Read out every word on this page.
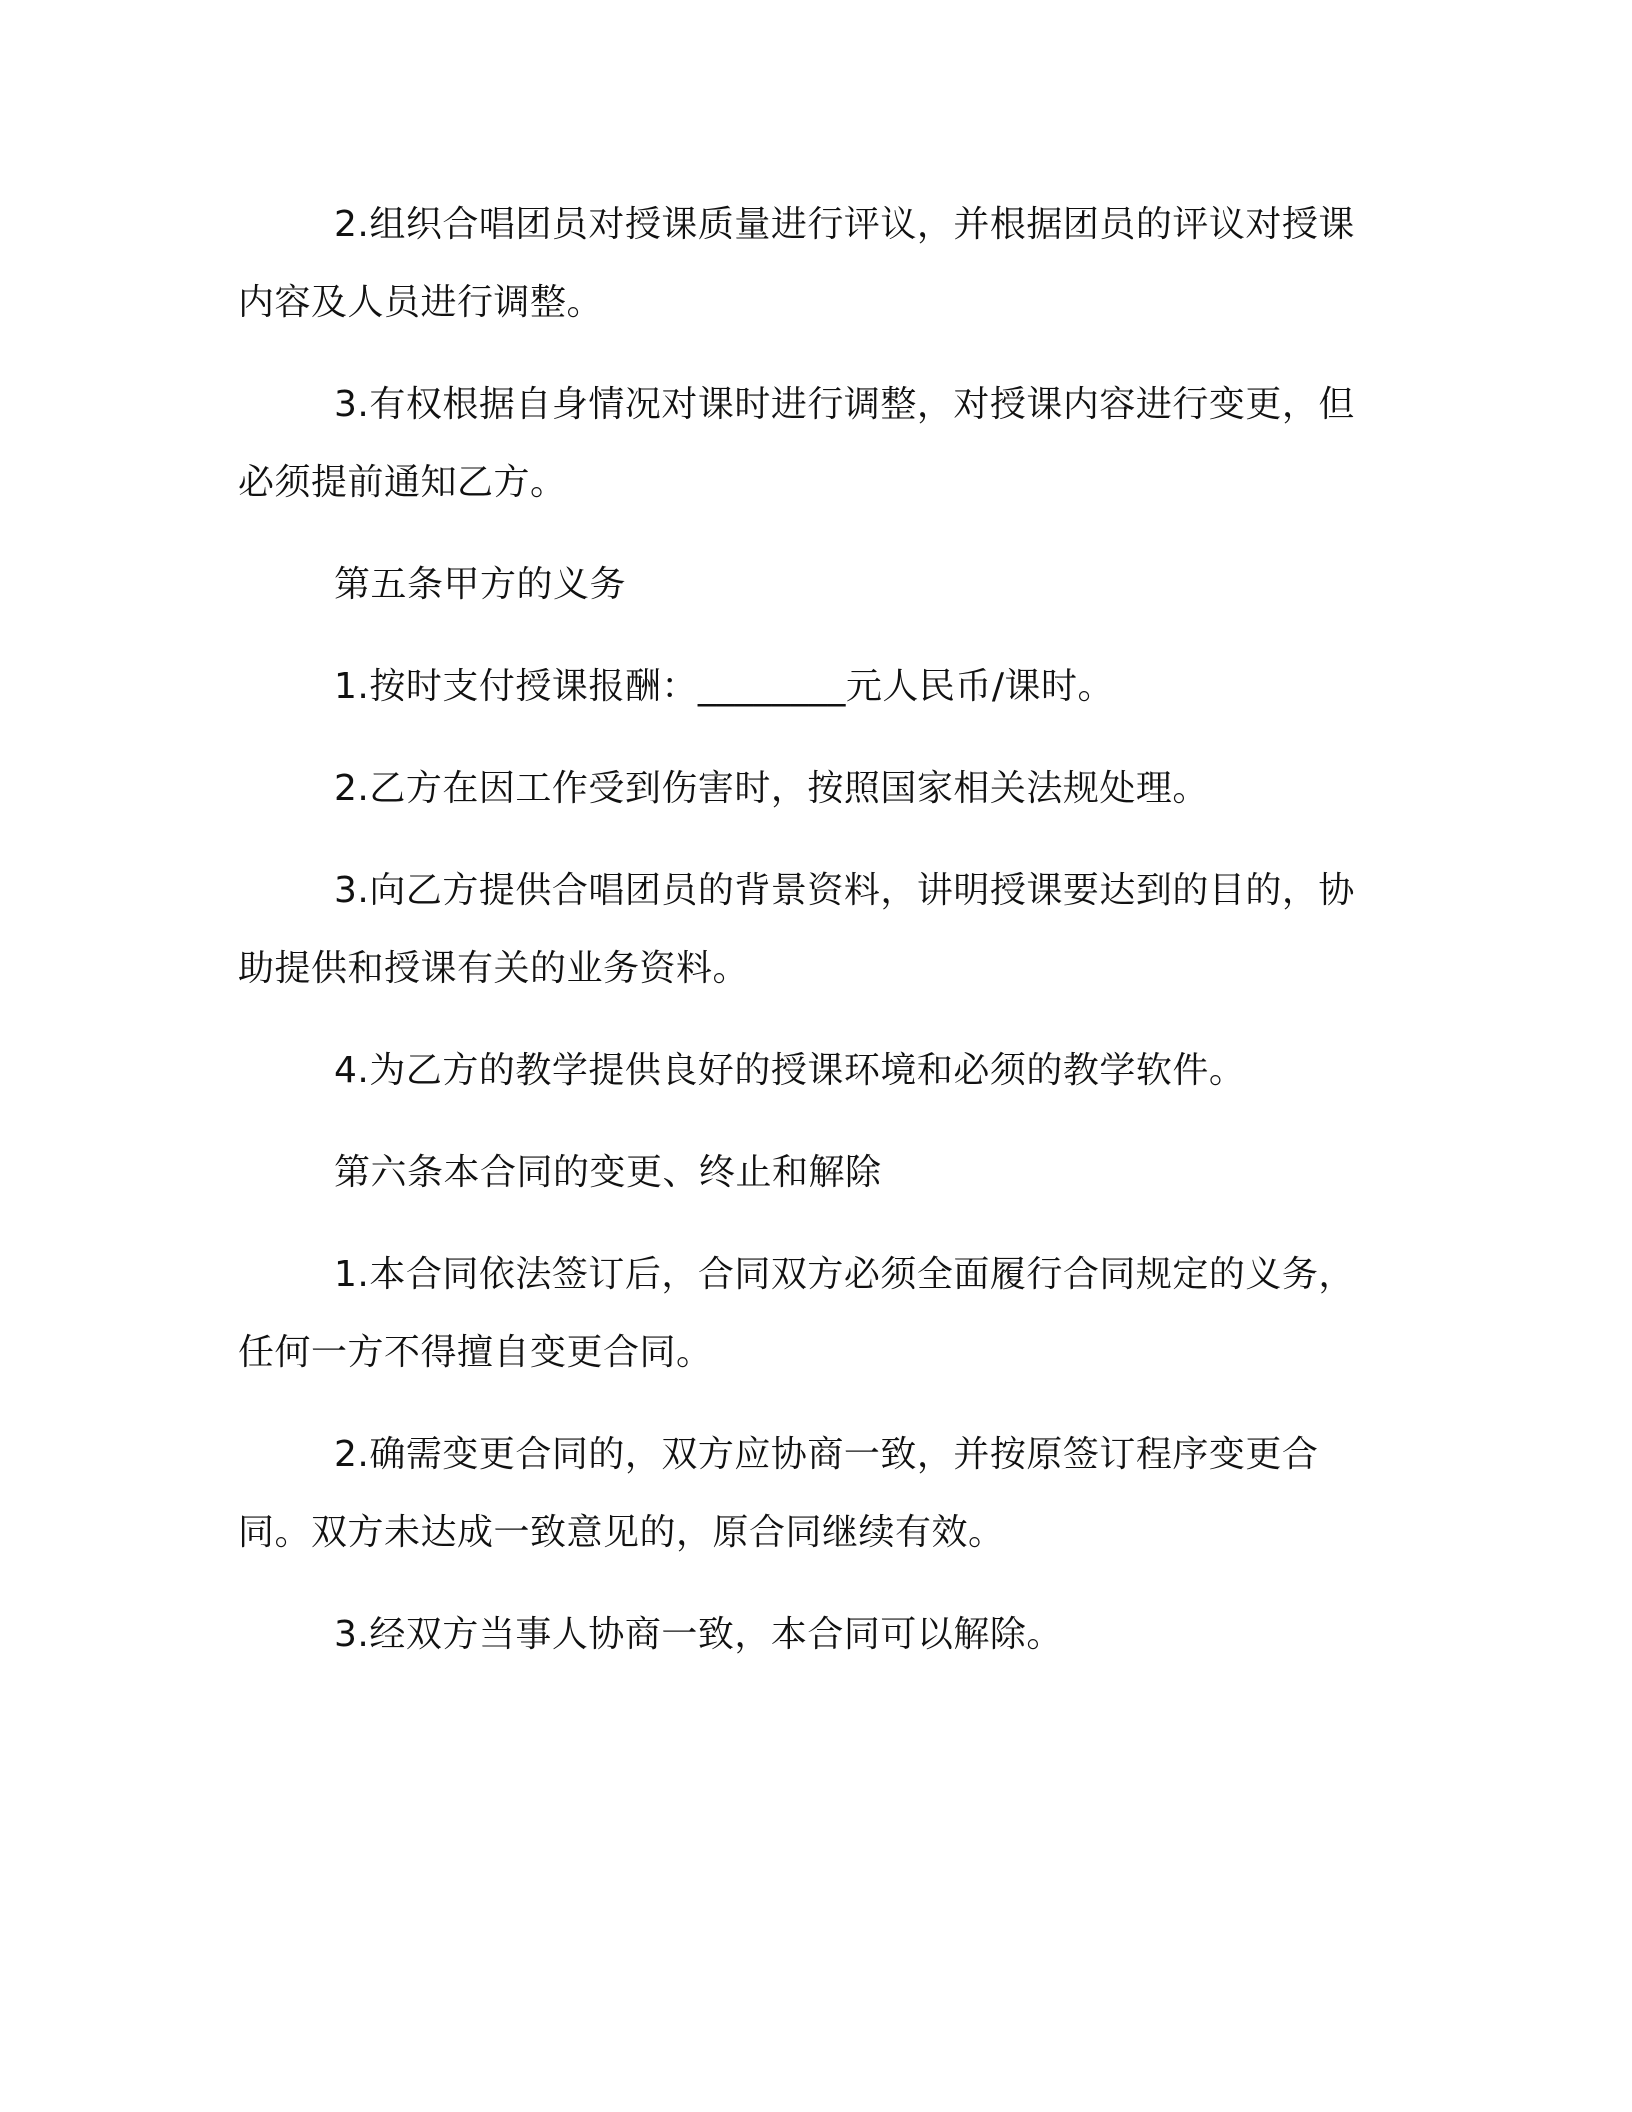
2.组织合唱团员对授课质量进行评议，并根据团员的评议对授课内容及人员进行调整。

3.有权根据自身情况对课时进行调整，对授课内容进行变更，但必须提前通知乙方。

第五条甲方的义务

1.按时支付授课报酬：________元人民币/课时。

2.乙方在因工作受到伤害时，按照国家相关法规处理。

3.向乙方提供合唱团员的背景资料，讲明授课要达到的目的，协助提供和授课有关的业务资料。

4.为乙方的教学提供良好的授课环境和必须的教学软件。

第六条本合同的变更、终止和解除

1.本合同依法签订后，合同双方必须全面履行合同规定的义务，任何一方不得擅自变更合同。

2.确需变更合同的，双方应协商一致，并按原签订程序变更合同。双方未达成一致意见的，原合同继续有效。

3.经双方当事人协商一致，本合同可以解除。
